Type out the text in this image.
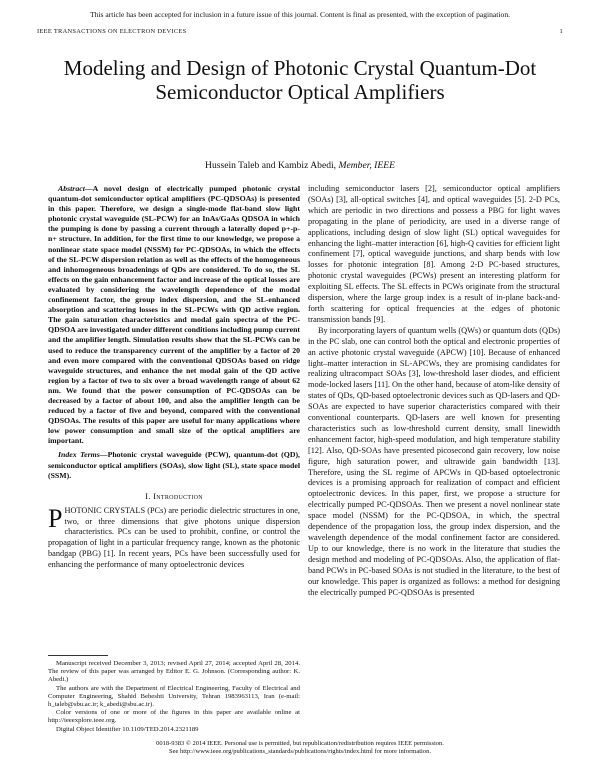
This article has been accepted for inclusion in a future issue of this journal. Content is final as presented, with the exception of pagination.
IEEE TRANSACTIONS ON ELECTRON DEVICES	1
Modeling and Design of Photonic Crystal Quantum-Dot Semiconductor Optical Amplifiers
Hussein Taleb and Kambiz Abedi, Member, IEEE

Abstract—A novel design of electrically pumped photonic crystal quantum-dot semiconductor optical amplifiers (PC-QDSOAs) is presented in this paper. Therefore, we design a single-mode flat-band slow light photonic crystal waveguide (SL-PCW) for an InAs/GaAs QDSOA in which the pumping is done by passing a current through a laterally doped p+-p-n+ structure. In addition, for the first time to our knowledge, we propose a nonlinear state space model (NSSM) for PC-QDSOAs, in which the effects of the SL-PCW dispersion relation as well as the effects of the homogeneous and inhomogeneous broadenings of QDs are considered. To do so, the SL effects on the gain enhancement factor and increase of the optical losses are evaluated by considering the wavelength dependence of the modal confinement factor, the group index dispersion, and the SL-enhanced absorption and scattering losses in the SL-PCWs with QD active region. The gain saturation characteristics and modal gain spectra of the PC-QDSOA are investigated under different conditions including pump current and the amplifier length. Simulation results show that the SL-PCWs can be used to reduce the transparency current of the amplifier by a factor of 20 and even more compared with the conventional QDSOAs based on ridge waveguide structures, and enhance the net modal gain of the QD active region by a factor of two to six over a broad wavelength range of about 62 nm. We found that the power consumption of PC-QDSOAs can be decreased by a factor of about 100, and also the amplifier length can be reduced by a factor of five and beyond, compared with the conventional QDSOAs. The results of this paper are useful for many applications where low power consumption and small size of the optical amplifiers are important.

Index Terms—Photonic crystal waveguide (PCW), quantum-dot (QD), semiconductor optical amplifiers (SOAs), slow light (SL), state space model (SSM).

I. Introduction

PHOTONIC CRYSTALS (PCs) are periodic dielectric structures in one, two, or three dimensions that give photons unique dispersion characteristics. PCs can be used to prohibit, confine, or control the propagation of light in a particular frequency range, known as the photonic bandgap (PBG) [1]. In recent years, PCs have been successfully used for enhancing the performance of many optoelectronic devices

Manuscript received December 3, 2013; revised April 27, 2014; accepted April 28, 2014. The review of this paper was arranged by Editor E. G. Johnson. (Corresponding author: K. Abedi.)

The authors are with the Department of Electrical Engineering, Faculty of Electrical and Computer Engineering, Shahid Beheshti University, Tehran 1983963113, Iran (e-mail: h_taleb@sbu.ac.ir; k_abedi@sbu.ac.ir).

Color versions of one or more of the figures in this paper are available online at http://ieeexplore.ieee.org.

Digital Object Identifier 10.1109/TED.2014.2321189

including semiconductor lasers [2], semiconductor optical amplifiers (SOAs) [3], all-optical switches [4], and optical waveguides [5]. 2-D PCs, which are periodic in two directions and possess a PBG for light waves propagating in the plane of periodicity, are used in a diverse range of applications, including design of slow light (SL) optical waveguides for enhancing the light–matter interaction [6], high-Q cavities for efficient light confinement [7], optical waveguide junctions, and sharp bends with low losses for photonic integration [8]. Among 2-D PC-based structures, photonic crystal waveguides (PCWs) present an interesting platform for exploiting SL effects. The SL effects in PCWs originate from the structural dispersion, where the large group index is a result of in-plane back-and-forth scattering for optical frequencies at the edges of photonic transmission bands [9].

By incorporating layers of quantum wells (QWs) or quantum dots (QDs) in the PC slab, one can control both the optical and electronic properties of an active photonic crystal waveguide (APCW) [10]. Because of enhanced light–matter interaction in SL-APCWs, they are promising candidates for realizing ultracompact SOAs [3], low-threshold laser diodes, and efficient mode-locked lasers [11]. On the other hand, because of atom-like density of states of QDs, QD-based optoelectronic devices such as QD-lasers and QD-SOAs are expected to have superior characteristics compared with their conventional counterparts. QD-lasers are well known for presenting characteristics such as low-threshold current density, small linewidth enhancement factor, high-speed modulation, and high temperature stability [12]. Also, QD-SOAs have presented picosecond gain recovery, low noise figure, high saturation power, and ultrawide gain bandwidth [13]. Therefore, using the SL regime of APCWs in QD-based optoelectronic devices is a promising approach for realization of compact and efficient optoelectronic devices. In this paper, first, we propose a structure for electrically pumped PC-QDSOAs. Then we present a novel nonlinear state space model (NSSM) for the PC-QDSOA, in which, the spectral dependence of the propagation loss, the group index dispersion, and the wavelength dependence of the modal confinement factor are considered. Up to our knowledge, there is no work in the literature that studies the design method and modeling of PC-QDSOAs. Also, the application of flat-band PCWs in PC-based SOAs is not studied in the literature, to the best of our knowledge. This paper is organized as follows: a method for designing the electrically pumped PC-QDSOAs is presented

0018-9383 © 2014 IEEE. Personal use is permitted, but republication/redistribution requires IEEE permission.
See http://www.ieee.org/publications_standards/publications/rights/index.html for more information.
